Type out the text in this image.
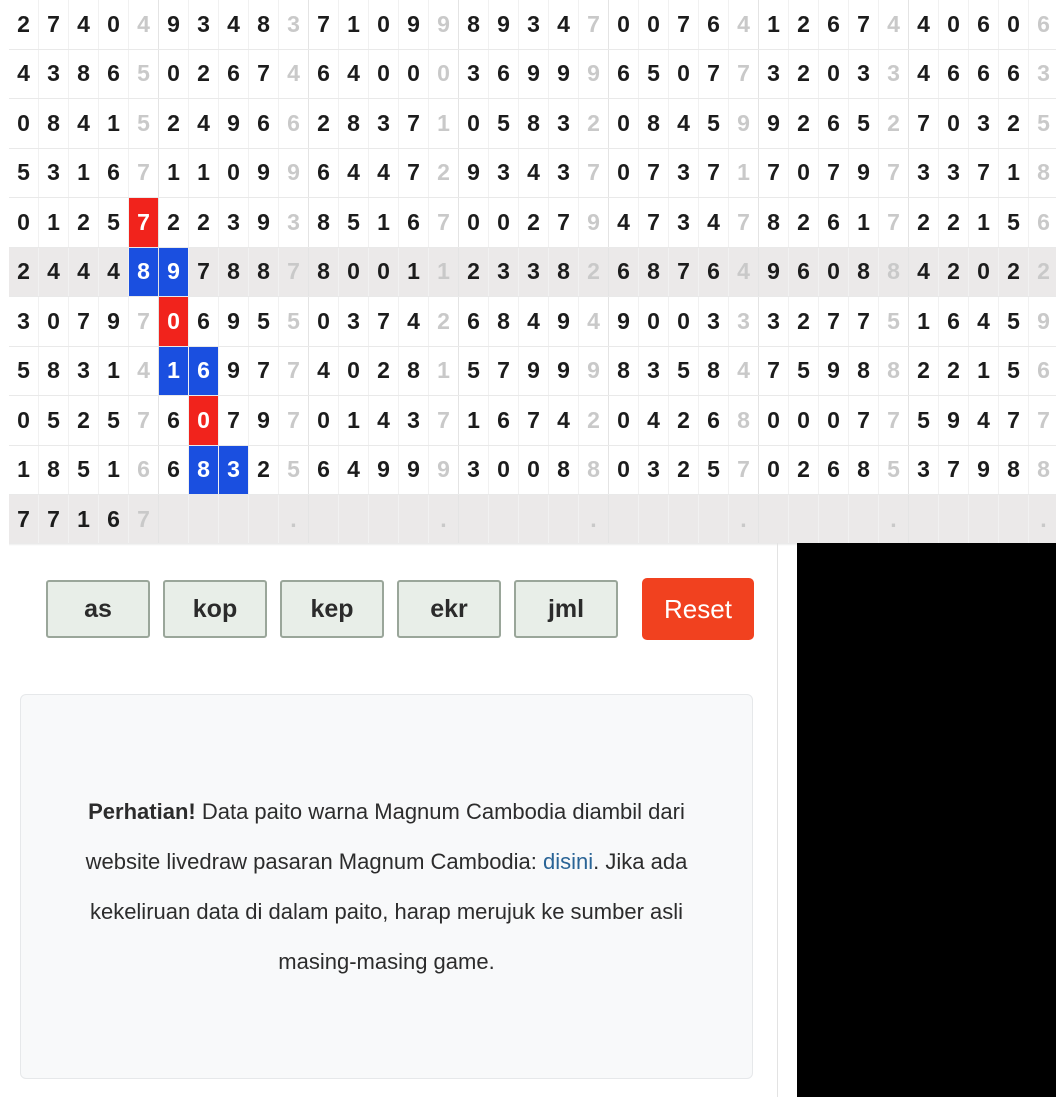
2	7	4	0	4	9	3	4	8	3	7	1	0	9	9	8	9	3	4	7	0	0	7	6	4	1	2	6	7	4	4	0	6	0	6	
4	3	8	6	5	0	2	6	7	4	6	4	0	0	0	3	6	9	9	9	6	5	0	7	7	3	2	0	3	3	4	6	6	6	3	
0	8	4	1	5	2	4	9	6	6	2	8	3	7	1	0	5	8	3	2	0	8	4	5	9	9	2	6	5	2	7	0	3	2	5	
5	3	1	6	7	1	1	0	9	9	6	4	4	7	2	9	3	4	3	7	0	7	3	7	1	7	0	7	9	7	3	3	7	1	8	
0	1	2	5	7	2	2	3	9	3	8	5	1	6	7	0	0	2	7	9	4	7	3	4	7	8	2	6	1	7	2	2	1	5	6	
2	4	4	4	8	9	7	8	8	7	8	0	0	1	1	2	3	3	8	2	6	8	7	6	4	9	6	0	8	8	4	2	0	2	2	
3	0	7	9	7	0	6	9	5	5	0	3	7	4	2	6	8	4	9	4	9	0	0	3	3	3	2	7	7	5	1	6	4	5	9	
5	8	3	1	4	1	6	9	7	7	4	0	2	8	1	5	7	9	9	9	8	3	5	8	4	7	5	9	8	8	2	2	1	5	6	
0	5	2	5	7	6	0	7	9	7	0	1	4	3	7	1	6	7	4	2	0	4	2	6	8	0	0	0	7	7	5	9	4	7	7	
1	8	5	1	6	6	8	3	2	5	6	4	9	9	9	3	0	0	8	8	0	3	2	5	7	0	2	6	8	5	3	7	9	8	8	
7	7	1	6	7					.					.					.					.					.					.	
as	kop	kep	ekr	jml	Reset

Perhatian! Data paito warna Magnum Cambodia diambil dari website livedraw pasaran Magnum Cambodia: disini. Jika ada kekeliruan data di dalam paito, harap merujuk ke sumber asli masing-masing game.
